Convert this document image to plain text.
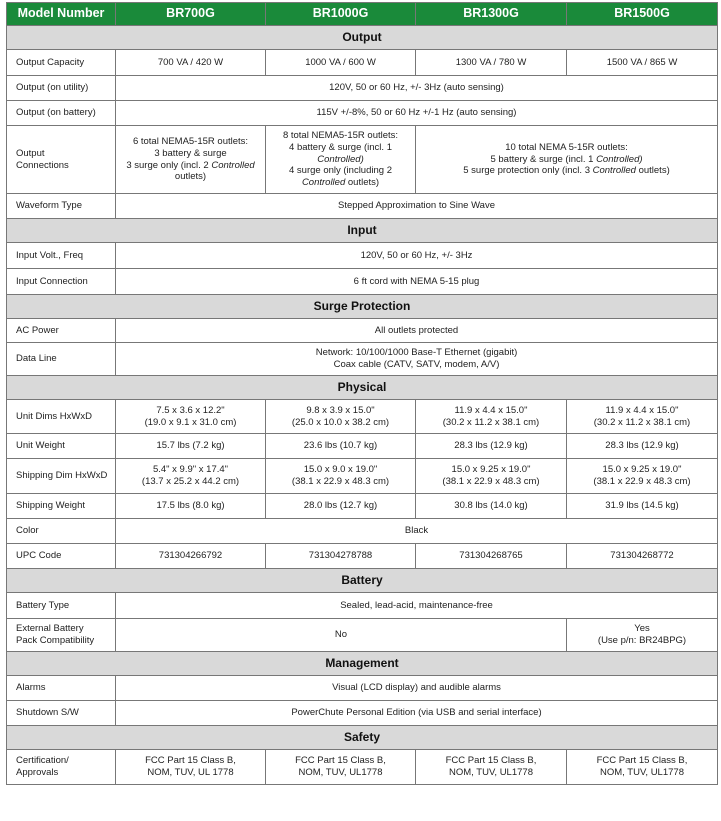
Model Number	BR700G	BR1000G	BR1300G	BR1500G
Output				
Output Capacity	700 VA / 420 W	1000 VA / 600 W	1300 VA / 780 W	1500 VA / 865 W
Output (on utility)	120V, 50 or 60 Hz, +/- 3Hz (auto sensing)			
Output (on battery)	115V +/-8%, 50 or 60 Hz +/-1 Hz (auto sensing)			
Output
Connections	6 total NEMA5-15R outlets:
3 battery & surge
3 surge only (incl. 2 Controlled
outlets)	8 total NEMA5-15R outlets:
4 battery & surge (incl. 1
Controlled)
4 surge only (including 2
Controlled outlets)	10 total NEMA 5-15R outlets:
5 battery & surge (incl. 1 Controlled)
5 surge protection only (incl. 3 Controlled outlets)	
Waveform Type	Stepped Approximation to Sine Wave			
Input				
Input Volt., Freq	120V, 50 or 60 Hz, +/- 3Hz			
Input Connection	6 ft cord with NEMA 5-15 plug			
Surge Protection				
AC Power	All outlets protected			
Data Line	Network: 10/100/1000 Base-T Ethernet (gigabit)
Coax cable (CATV, SATV, modem, A/V)			
Physical				
Unit Dims HxWxD	7.5 x 3.6 x 12.2"
(19.0 x 9.1 x 31.0 cm)	9.8 x 3.9 x 15.0"
(25.0 x 10.0 x 38.2 cm)	11.9 x 4.4 x 15.0"
(30.2 x 11.2 x 38.1 cm)	11.9 x 4.4 x 15.0"
(30.2 x 11.2 x 38.1 cm)
Unit Weight	15.7 lbs (7.2 kg)	23.6 lbs (10.7 kg)	28.3 lbs (12.9 kg)	28.3 lbs (12.9 kg)
Shipping Dim HxWxD	5.4" x 9.9" x 17.4"
(13.7 x 25.2 x 44.2 cm)	15.0 x 9.0 x 19.0"
(38.1 x 22.9 x 48.3 cm)	15.0 x 9.25 x 19.0"
(38.1 x 22.9 x 48.3 cm)	15.0 x 9.25 x 19.0"
(38.1 x 22.9 x 48.3 cm)
Shipping Weight	17.5 lbs (8.0 kg)	28.0 lbs (12.7 kg)	30.8 lbs (14.0 kg)	31.9 lbs (14.5 kg)
Color	Black			
UPC Code	731304266792	731304278788	731304268765	731304268772
Battery				
Battery Type	Sealed, lead-acid, maintenance-free			
External Battery
Pack Compatibility	No			Yes
(Use p/n: BR24BPG)
Management				
Alarms	Visual (LCD display) and audible alarms			
Shutdown S/W	PowerChute Personal Edition (via USB and serial interface)			
Safety				
Certification/
Approvals	FCC Part 15 Class B,
NOM, TUV, UL 1778	FCC Part 15 Class B,
NOM, TUV, UL1778	FCC Part 15 Class B,
NOM, TUV, UL1778	FCC Part 15 Class B,
NOM, TUV, UL1778
